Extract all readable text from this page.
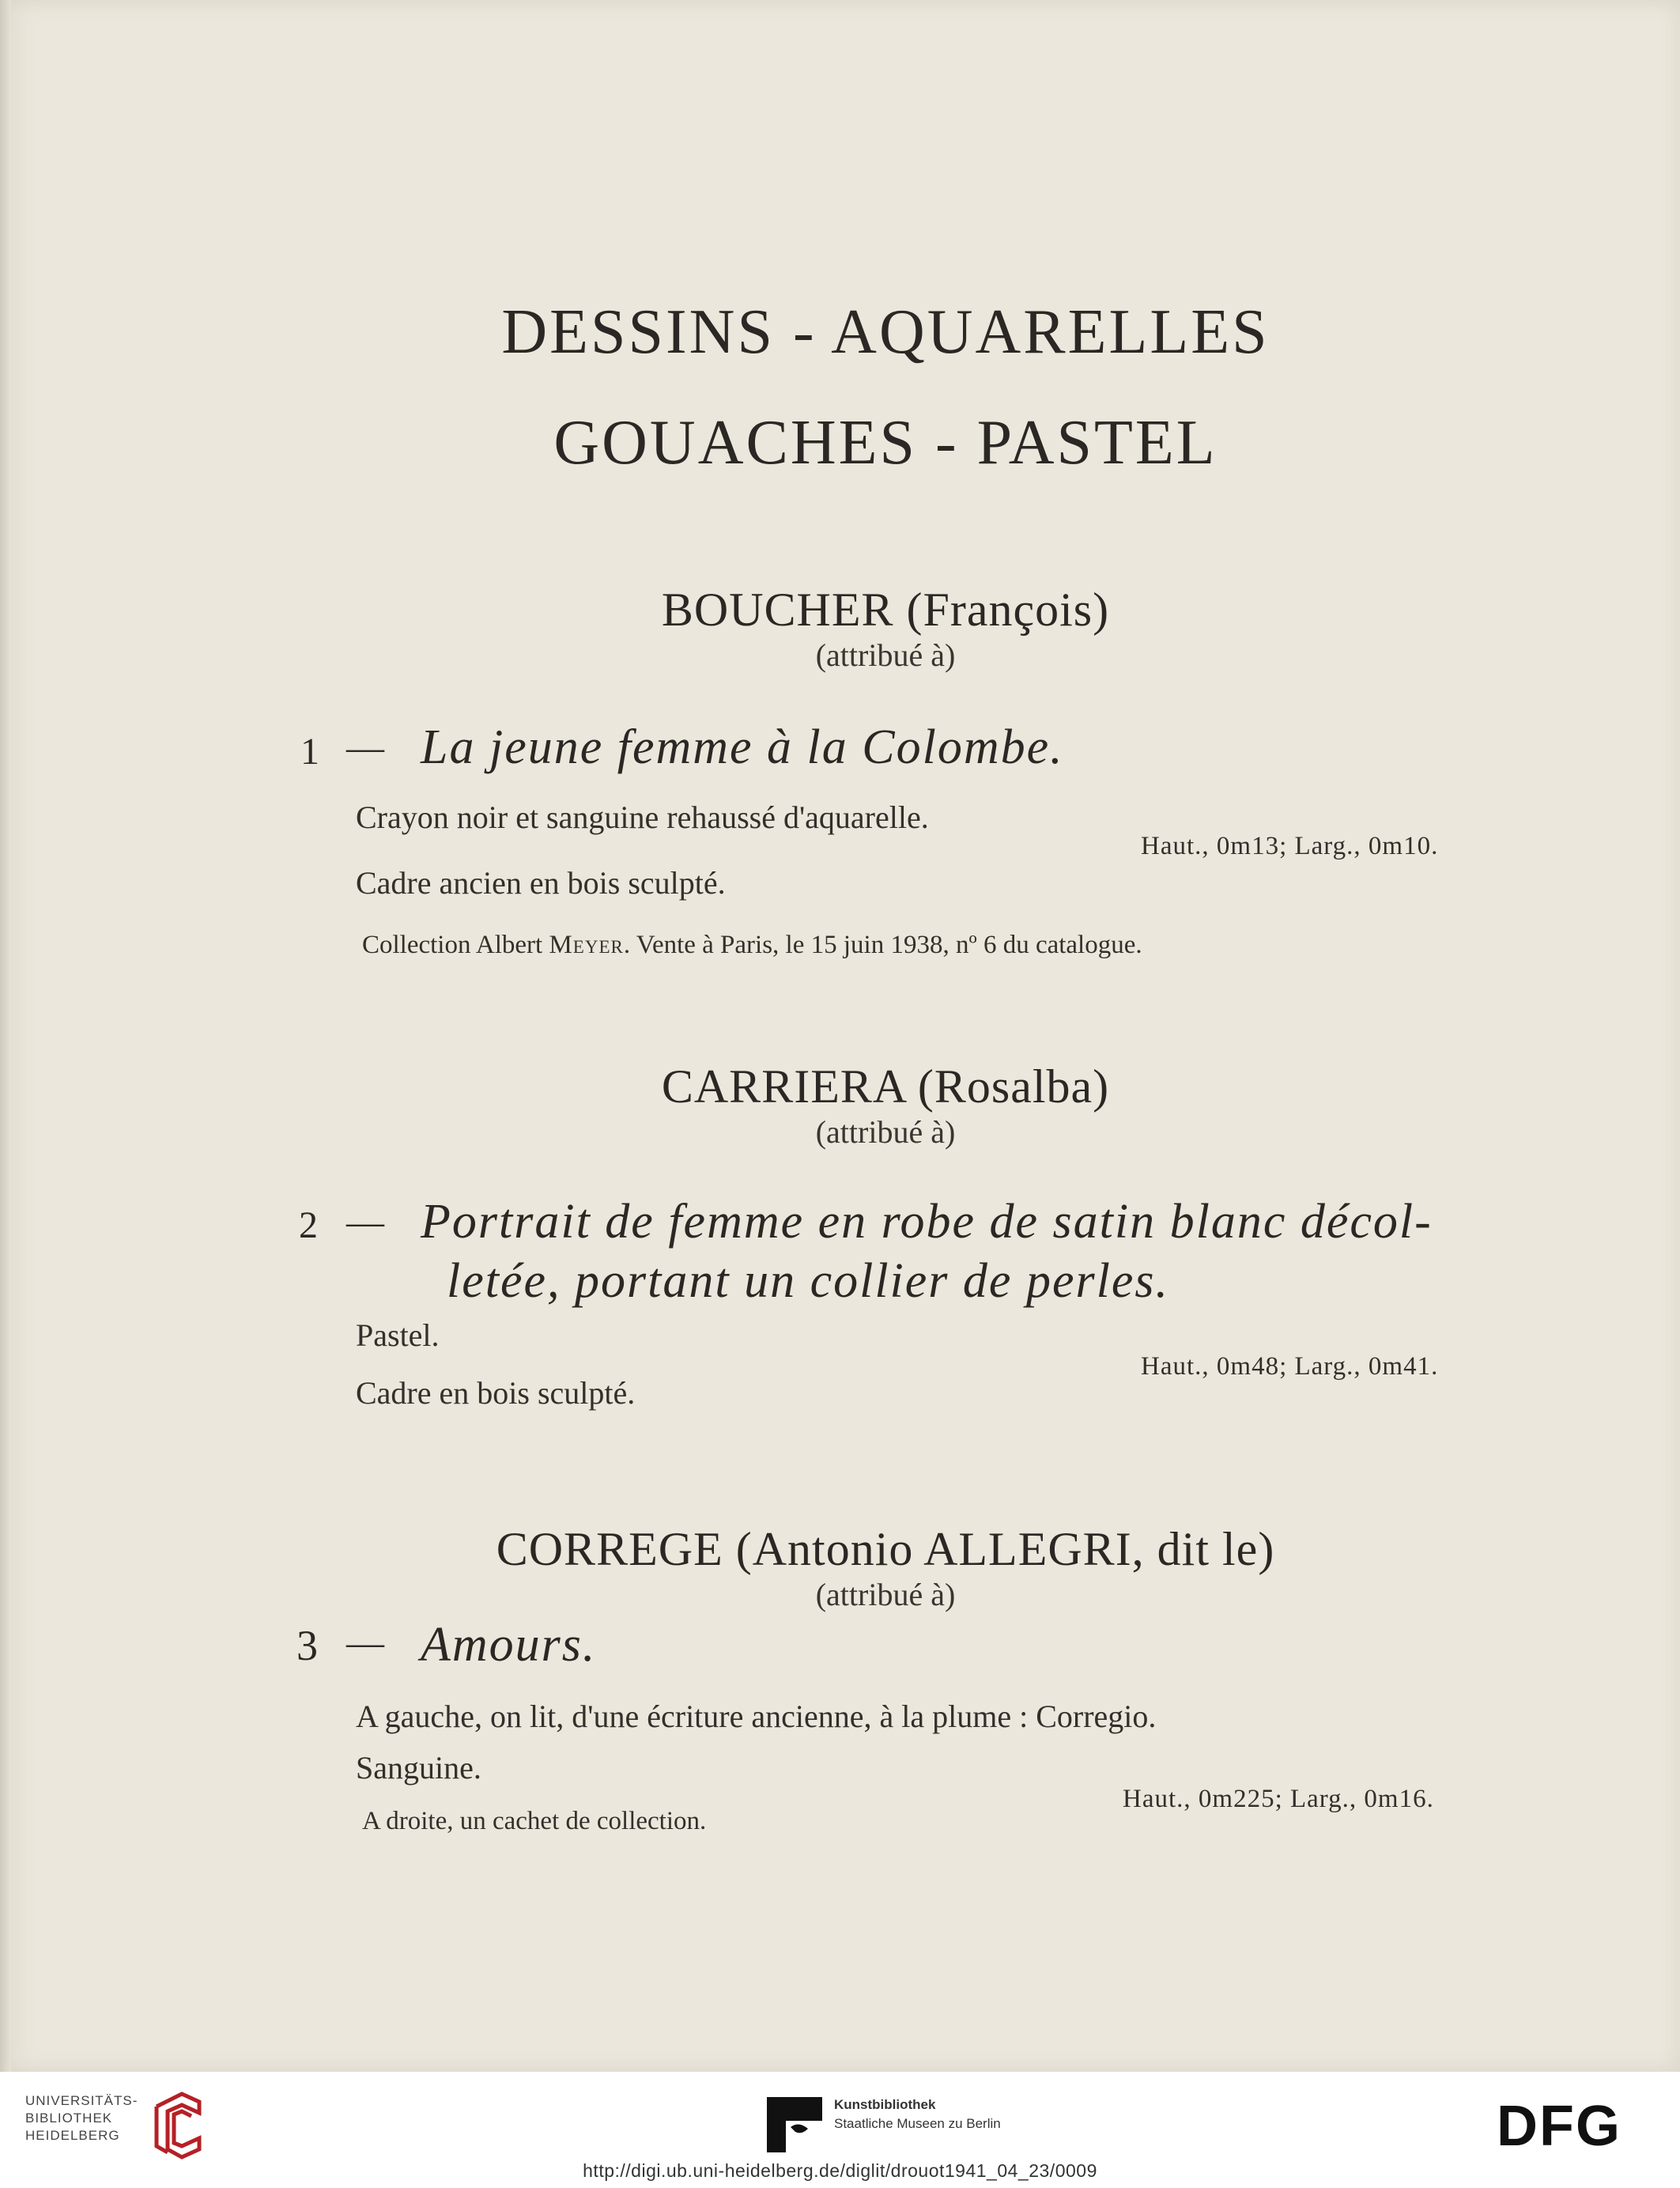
DESSINS - AQUARELLES
GOUACHES - PASTEL
BOUCHER (François)
(attribué à)
1 — La jeune femme à la Colombe.
Crayon noir et sanguine rehaussé d'aquarelle.
Haut., 0m13; Larg., 0m10.
Cadre ancien en bois sculpté.
Collection Albert Meyer. Vente à Paris, le 15 juin 1938, nº 6 du catalogue.
CARRIERA (Rosalba)
(attribué à)
2 — Portrait de femme en robe de satin blanc décol-
letée, portant un collier de perles.
Pastel.
Haut., 0m48; Larg., 0m41.
Cadre en bois sculpté.
CORREGE (Antonio ALLEGRI, dit le)
(attribué à)
3 — Amours.
A gauche, on lit, d'une écriture ancienne, à la plume : Corregio.
Sanguine.
Haut., 0m225; Larg., 0m16.
A droite, un cachet de collection.
UNIVERSITÄTS-
BIBLIOTHEK
HEIDELBERG
Kunstbibliothek
Staatliche Museen zu Berlin	DFG
http://digi.ub.uni-heidelberg.de/diglit/drouot1941_04_23/0009
